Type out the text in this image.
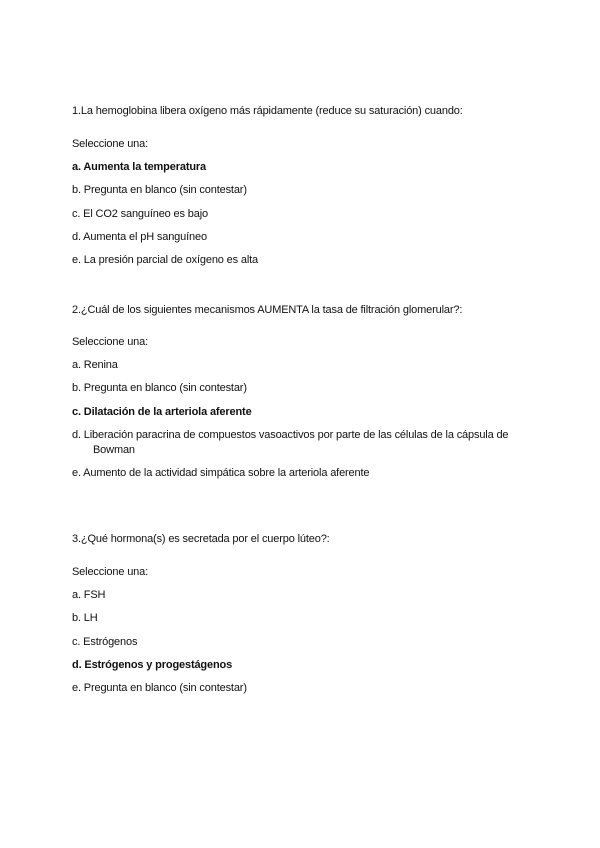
1.La hemoglobina libera oxígeno más rápidamente (reduce su saturación) cuando:
Seleccione una:
a. Aumenta la temperatura
b. Pregunta en blanco (sin contestar)
c. El CO2 sanguíneo es bajo
d. Aumenta el pH sanguíneo
e. La presión parcial de oxígeno es alta
2.¿Cuál de los siguientes mecanismos AUMENTA la tasa de filtración glomerular?:
Seleccione una:
a. Renina
b. Pregunta en blanco (sin contestar)
c. Dilatación de la arteriola aferente
d. Liberación paracrina de compuestos vasoactivos por parte de las células de la cápsula de
Bowman
e. Aumento de la actividad simpática sobre la arteriola aferente
3.¿Qué hormona(s) es secretada por el cuerpo lúteo?:
Seleccione una:
a. FSH
b. LH
c. Estrógenos
d. Estrógenos y progestágenos
e. Pregunta en blanco (sin contestar)
